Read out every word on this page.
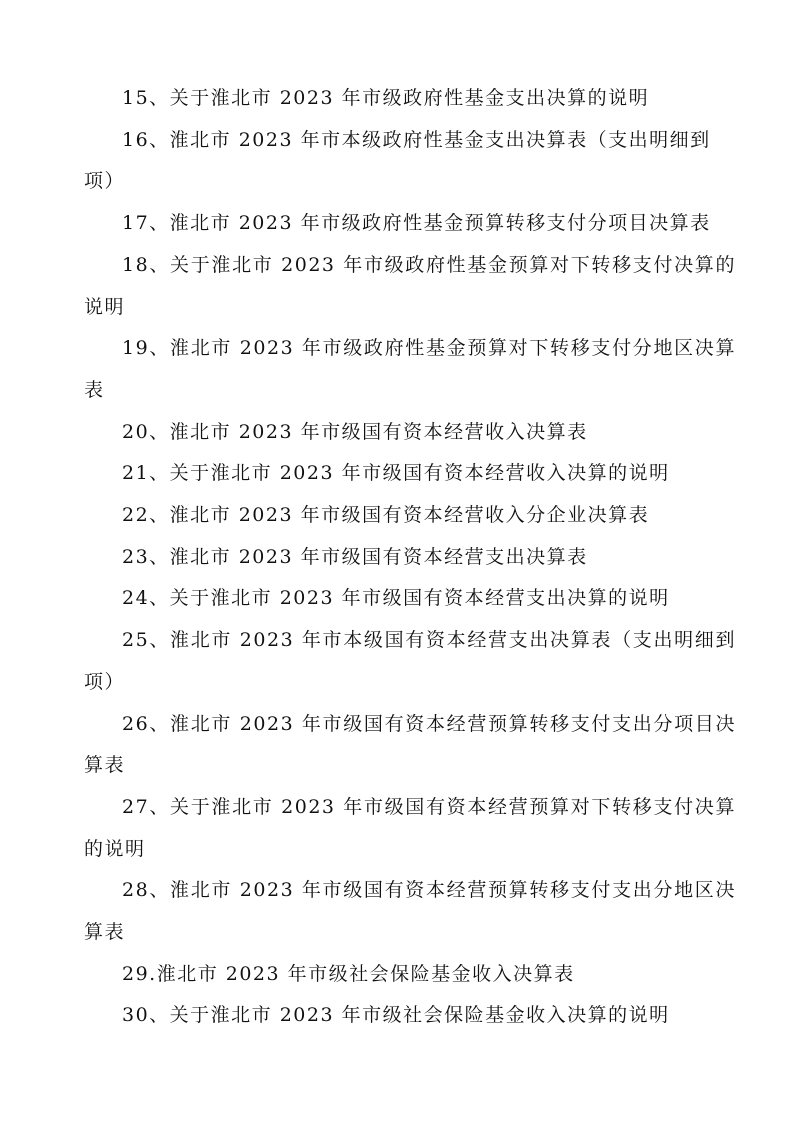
15、关于淮北市 2023 年市级政府性基金支出决算的说明

16、淮北市 2023 年市本级政府性基金支出决算表（支出明细到项）

17、淮北市 2023 年市级政府性基金预算转移支付分项目决算表

18、关于淮北市 2023 年市级政府性基金预算对下转移支付决算的说明

19、淮北市 2023 年市级政府性基金预算对下转移支付分地区决算表

20、淮北市 2023 年市级国有资本经营收入决算表

21、关于淮北市 2023 年市级国有资本经营收入决算的说明

22、淮北市 2023 年市级国有资本经营收入分企业决算表

23、淮北市 2023 年市级国有资本经营支出决算表

24、关于淮北市 2023 年市级国有资本经营支出决算的说明

25、淮北市 2023 年市本级国有资本经营支出决算表（支出明细到项）

26、淮北市 2023 年市级国有资本经营预算转移支付支出分项目决算表

27、关于淮北市 2023 年市级国有资本经营预算对下转移支付决算的说明

28、淮北市 2023 年市级国有资本经营预算转移支付支出分地区决算表

29.淮北市 2023 年市级社会保险基金收入决算表

30、关于淮北市 2023 年市级社会保险基金收入决算的说明
